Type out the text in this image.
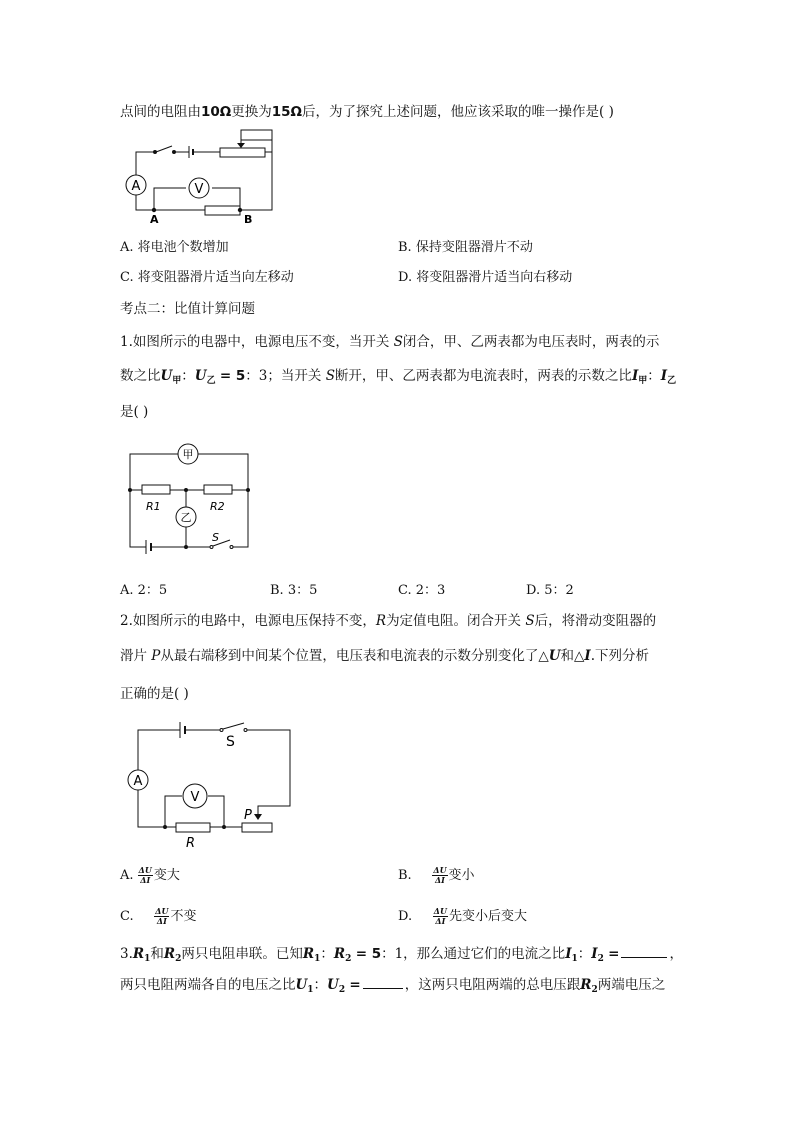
点间的电阻由10Ω更换为15Ω后，为了探究上述问题，他应该采取的唯一操作是( )
A	V
A	B
A. 将电池个数增加	B. 保持变阻器滑片不动
C. 将变阻器滑片适当向左移动	D. 将变阻器滑片适当向右移动
考点二：比值计算问题
1.如图所示的电器中，电源电压不变，当开关 S闭合，甲、乙两表都为电压表时，两表的示
数之比$U_甲$：$U_乙 = 5$：3；当开关 S断开，甲、乙两表都为电流表时，两表的示数之比$I_甲$：$I_乙$
是( )
甲
乙
R1	R2
S
A. 2：5	B. 3：5	C. 2：3	D. 5：2
2.如图所示的电路中，电源电压保持不变，R为定值电阻。闭合开关 S后，将滑动变阻器的
滑片 P从最右端移到中间某个位置，电压表和电流表的示数分别变化了△U和△I.下列分析
正确的是( )
A
V
S
P
R
A. $\frac{\Delta U}{\Delta I}$ 变大	B.	$\frac{\Delta U}{\Delta I}$ 变小
C.	$\frac{\Delta U}{\Delta I}$ 不变	D.	$\frac{\Delta U}{\Delta I}$ 先变小后变大
$3.R_1$和$R_2$两只电阻串联。已知$R_1$：$R_2 = 5$：1，那么通过它们的电流之比$I_1$：$I_2$ =	，
两只电阻两端各自的电压之比$U_1$：$U_2$ =	，这两只电阻两端的总电压跟$R_2$两端电压之
